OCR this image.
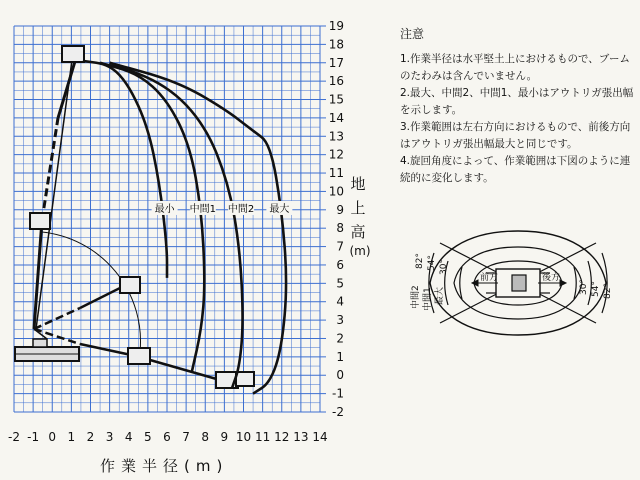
19
18
17
16
15
14
13
12
11
10
9
8
7
6
5
4
3
2
1
0
-1
-2
-2 -1 0 1 2 3 4 5 6 7 8 9 10 11 12 13 14
最小 中間1 中間2 最大
地
上
高
(m)
作業半径(m)
注意
1.作業半径は水平堅土上におけるもので、ブームのたわみは含んでいません。
2.最大、中間2、中間1、最小はアウトリガ張出幅を示します。
3.作業範囲は左右方向におけるもので、前後方向はアウトリガ張出幅最大と同じです。
4.旋回角度によって、作業範囲は下図のように連続的に変化します。
前方	後方
中間2 中間1 最大
82° 54° 30°
30° 54° 82°
